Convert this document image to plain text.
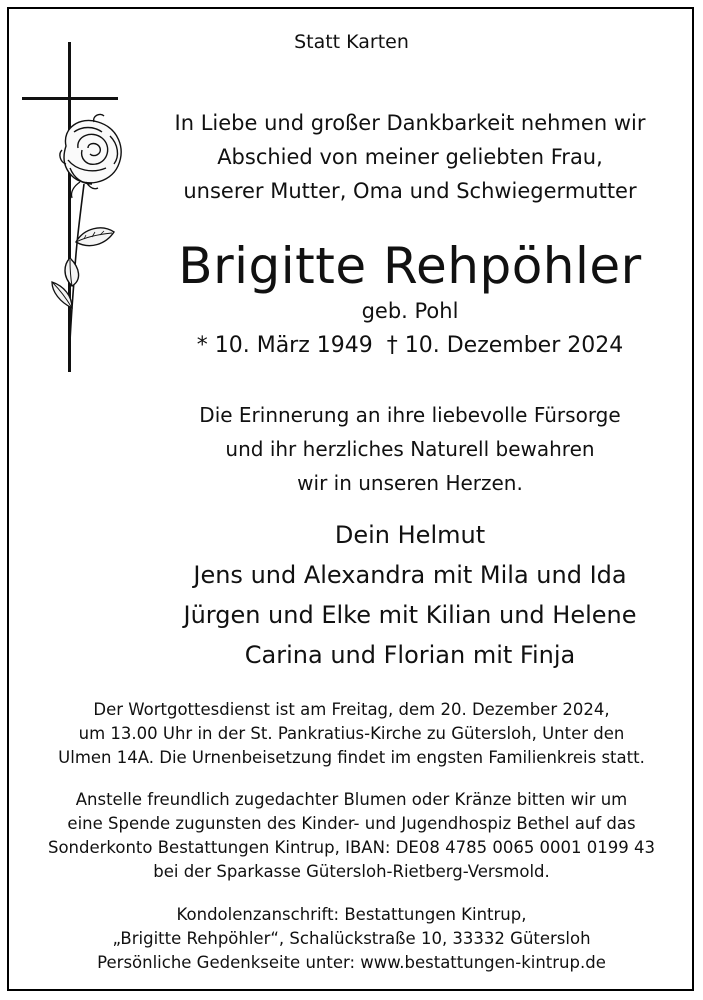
Statt Karten

In Liebe und großer Dankbarkeit nehmen wir

Abschied von meiner geliebten Frau,

unserer Mutter, Oma und Schwiegermutter

Brigitte Rehpöhler

geb. Pohl

* 10. März 1949  † 10. Dezember 2024

Die Erinnerung an ihre liebevolle Fürsorge

und ihr herzliches Naturell bewahren

wir in unseren Herzen.

Dein Helmut

Jens und Alexandra mit Mila und Ida

Jürgen und Elke mit Kilian und Helene

Carina und Florian mit Finja

Der Wortgottesdienst ist am Freitag, dem 20. Dezember 2024,

um 13.00 Uhr in der St. Pankratius-Kirche zu Gütersloh, Unter den

Ulmen 14A. Die Urnenbeisetzung findet im engsten Familienkreis statt.

Anstelle freundlich zugedachter Blumen oder Kränze bitten wir um

eine Spende zugunsten des Kinder- und Jugendhospiz Bethel auf das

Sonderkonto Bestattungen Kintrup, IBAN: DE08 4785 0065 0001 0199 43

bei der Sparkasse Gütersloh-Rietberg-Versmold.

Kondolenzanschrift: Bestattungen Kintrup,

„Brigitte Rehpöhler“, Schalückstraße 10, 33332 Gütersloh

Persönliche Gedenkseite unter: www.bestattungen-kintrup.de
